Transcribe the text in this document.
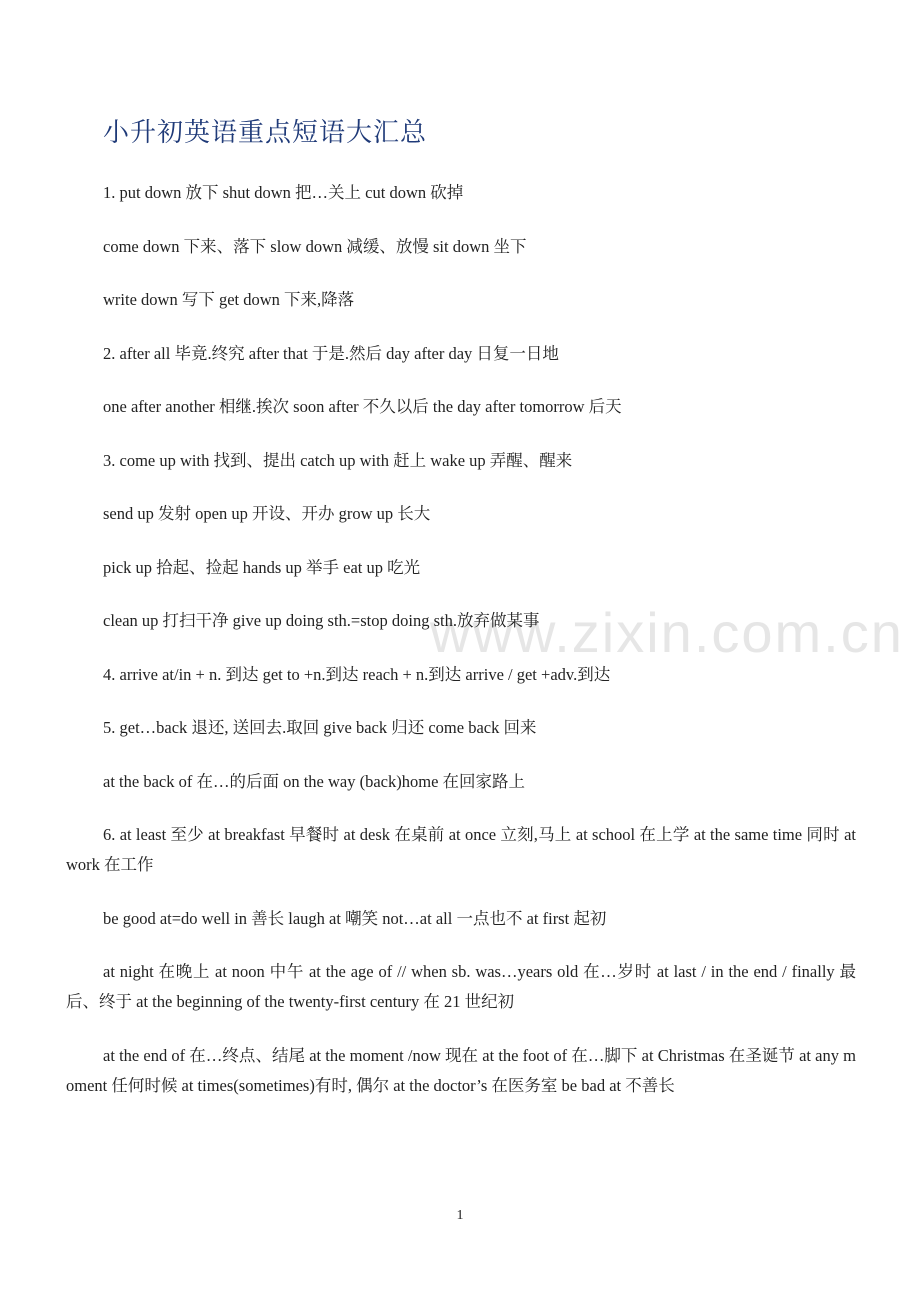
www.zixin.com.cn
小升初英语重点短语大汇总

1. put down 放下 shut down 把…关上 cut down 砍掉

come down 下来、落下 slow down 减缓、放慢 sit down 坐下

write down 写下 get down 下来,降落

2. after all 毕竟.终究 after that 于是.然后 day after day 日复一日地

one after another 相继.挨次 soon after 不久以后 the day after tomorrow 后天

3. come up with 找到、提出 catch up with 赶上 wake up 弄醒、醒来

send up 发射 open up 开设、开办 grow up 长大

pick up 拾起、捡起 hands up 举手 eat up 吃光

clean up 打扫干净 give up doing sth.=stop doing sth.放弃做某事

4. arrive at/in + n. 到达 get to +n.到达 reach + n.到达 arrive / get +adv.到达

5. get…back 退还, 送回去.取回 give back 归还 come back 回来

at the back of 在…的后面 on the way (back)home 在回家路上

6. at least 至少 at breakfast 早餐时 at desk 在桌前 at once 立刻,马上 at school 在上学 at the same time 同时 at work 在工作

be good at=do well in 善长 laugh at 嘲笑 not…at all 一点也不 at first 起初

at night 在晚上 at noon 中午 at the age of // when sb. was…years old 在…岁时 at last / in the end / finally 最后、终于 at the beginning of the twenty-first century 在 21 世纪初

at the end of 在…终点、结尾 at the moment /now 现在 at the foot of 在…脚下 at Christmas 在圣诞节 at any moment 任何时候 at times(sometimes)有时, 偶尔 at the doctor’s 在医务室 be bad at 不善长

1
